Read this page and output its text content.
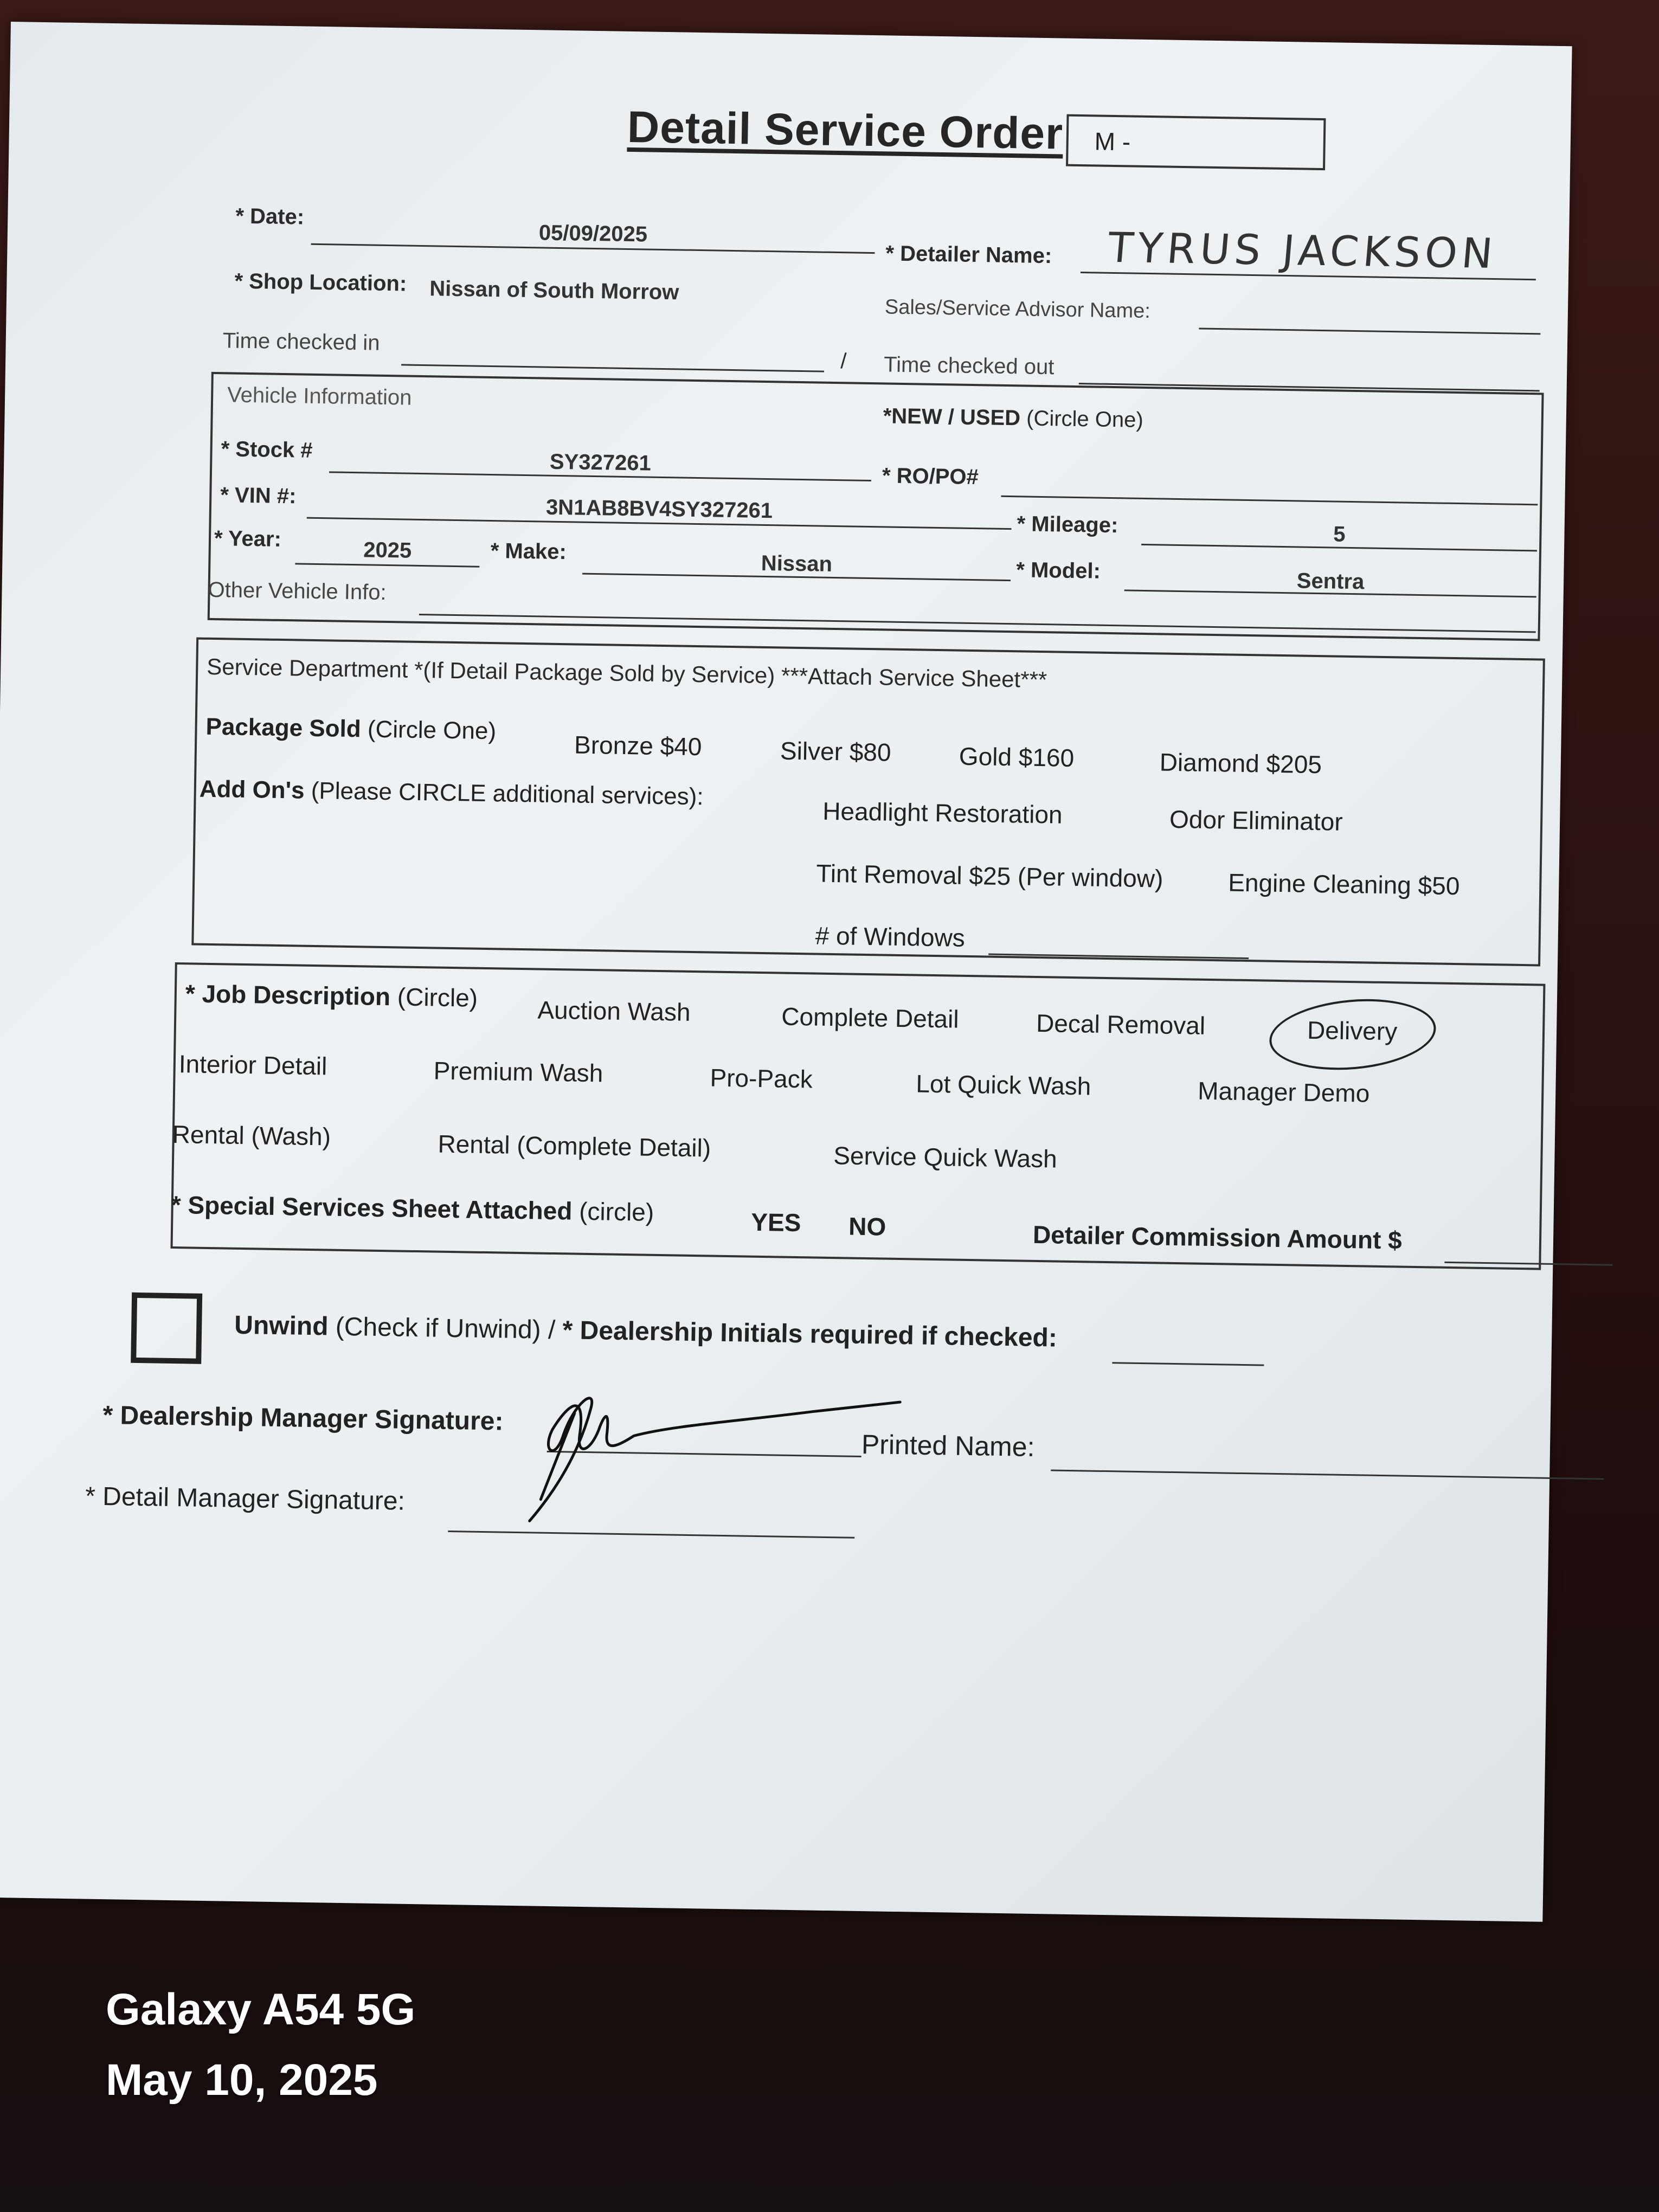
Detail Service Order M -
* Date:
05/09/2025
* Detailer Name: TYRUS JACKSON
* Shop Location: Nissan of South Morrow
Sales/Service Advisor Name:
Time checked in
/ Time checked out
Vehicle Information
*NEW / USED (Circle One)
* Stock #
SY327261
* RO/PO#
* VIN #:	3N1AB8BV4SY327261
* Mileage:	5
* Year:	2025	* Make:	Nissan	* Model:	Sentra
Other Vehicle Info:
Service Department *(If Detail Package Sold by Service) ***Attach Service Sheet***
Package Sold (Circle One)
Bronze $40	Silver $80	Gold $160	Diamond $205
Add On's (Please CIRCLE additional services):
Headlight Restoration	Odor Eliminator
Tint Removal $25 (Per window)	Engine Cleaning $50
# of Windows
* Job Description (Circle) Auction Wash	Complete Detail	Decal Removal	Delivery
Interior Detail	Premium Wash	Pro-Pack	Lot Quick Wash	Manager Demo
Rental (Wash)	Rental (Complete Detail)	Service Quick Wash
* Special Services Sheet Attached (circle)	YES NO	Detailer Commission Amount $
Unwind (Check if Unwind) / * Dealership Initials required if checked:
* Dealership Manager Signature:
Printed Name:
* Detail Manager Signature:
Galaxy A54 5G
May 10, 2025
